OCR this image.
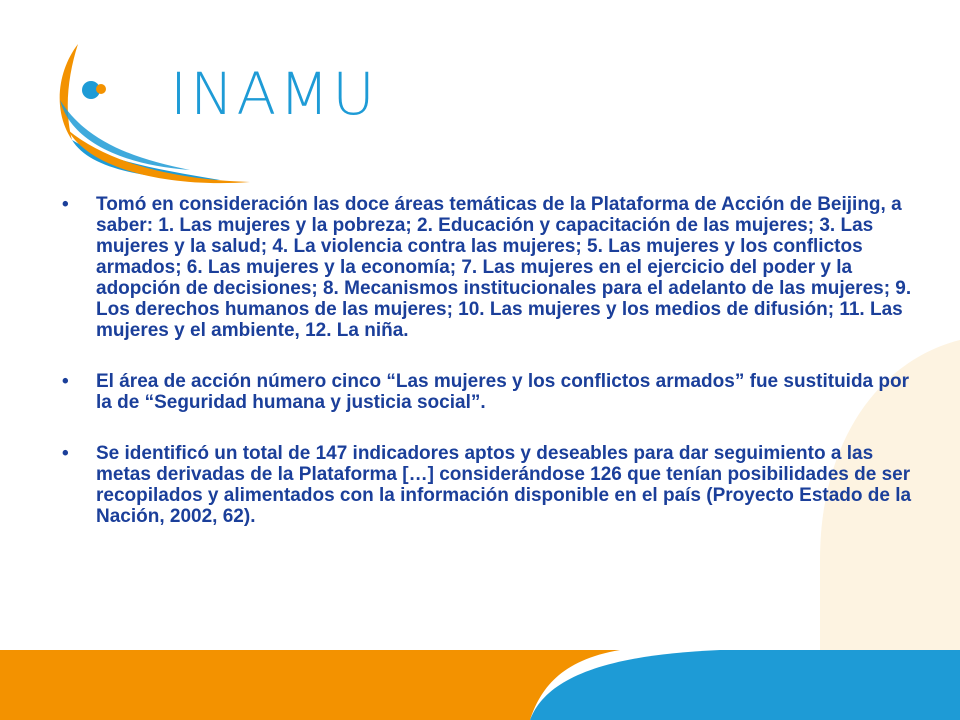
INAMU
• Tomó en consideración las doce áreas temáticas de la Plataforma de Acción de Beijing, a saber: 1. Las mujeres y la pobreza; 2. Educación y capacitación de las mujeres; 3. Las mujeres y la salud; 4. La violencia contra las mujeres; 5. Las mujeres y los conflictos armados; 6. Las mujeres y la economía; 7. Las mujeres en el ejercicio del poder y la adopción de decisiones; 8. Mecanismos institucionales para el adelanto de las mujeres; 9. Los derechos humanos de las mujeres; 10. Las mujeres y los medios de difusión; 11. Las mujeres y el ambiente, 12. La niña.
• El área de acción número cinco “Las mujeres y los conflictos armados” fue sustituida por la de “Seguridad humana y justicia social”.
• Se identificó un total de 147 indicadores aptos y deseables para dar seguimiento a las metas derivadas de la Plataforma […] considerándose 126 que tenían posibilidades de ser recopilados y alimentados con la información disponible en el país (Proyecto Estado de la Nación, 2002, 62).
